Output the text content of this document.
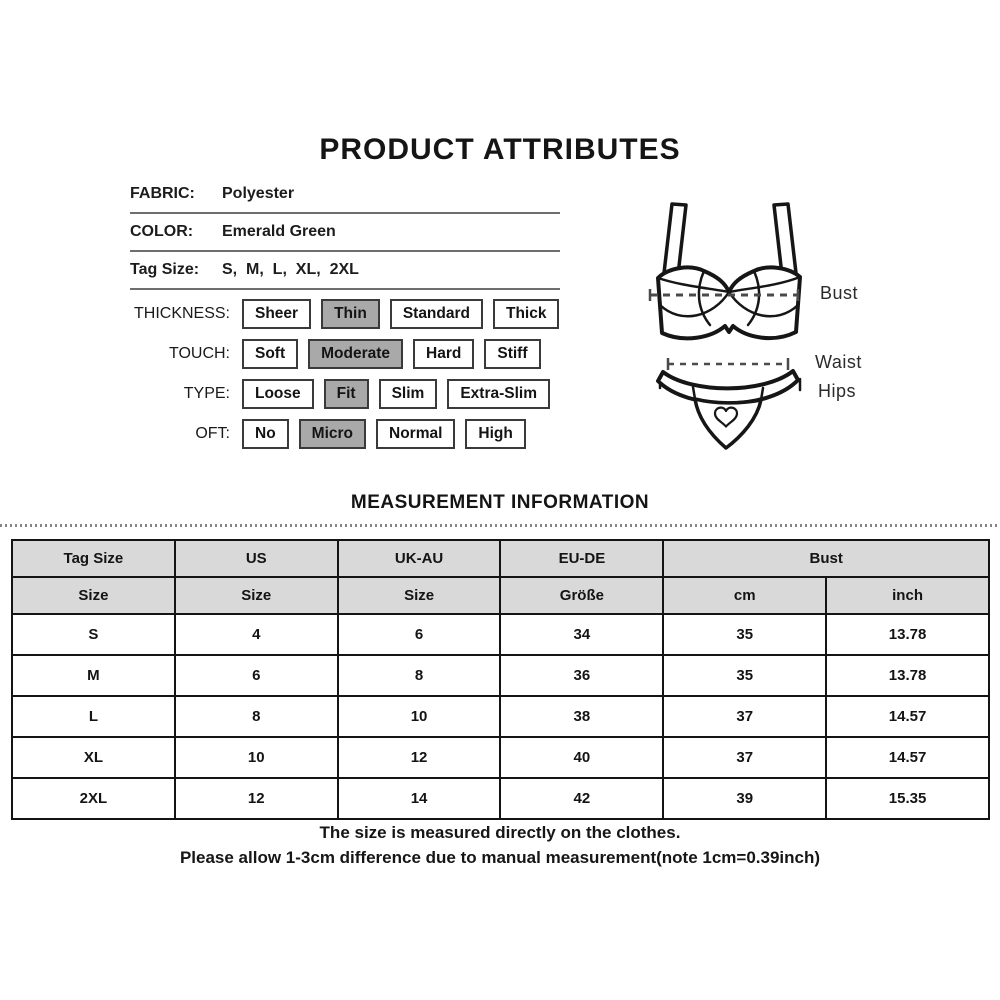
PRODUCT ATTRIBUTES
FABRIC:	Polyester
COLOR:	Emerald Green
Tag Size:	S,  M,  L,  XL,  2XL
THICKNESS:	Sheer	Thin	Standard	Thick
TOUCH:	Soft	Moderate	Hard	Stiff
TYPE:	Loose	Fit	Slim	Extra-Slim
OFT:	No	Micro	Normal	High
Bust
Waist
Hips
MEASUREMENT INFORMATION
Tag Size	US	UK-AU	EU-DE	Bust	
Size	Size	Size	Größe	cm	inch
S	4	6	34	35	13.78
M	6	8	36	35	13.78
L	8	10	38	37	14.57
XL	10	12	40	37	14.57
2XL	12	14	42	39	15.35
The size is measured directly on the clothes.
Please allow 1-3cm difference due to manual measurement(note 1cm=0.39inch)
